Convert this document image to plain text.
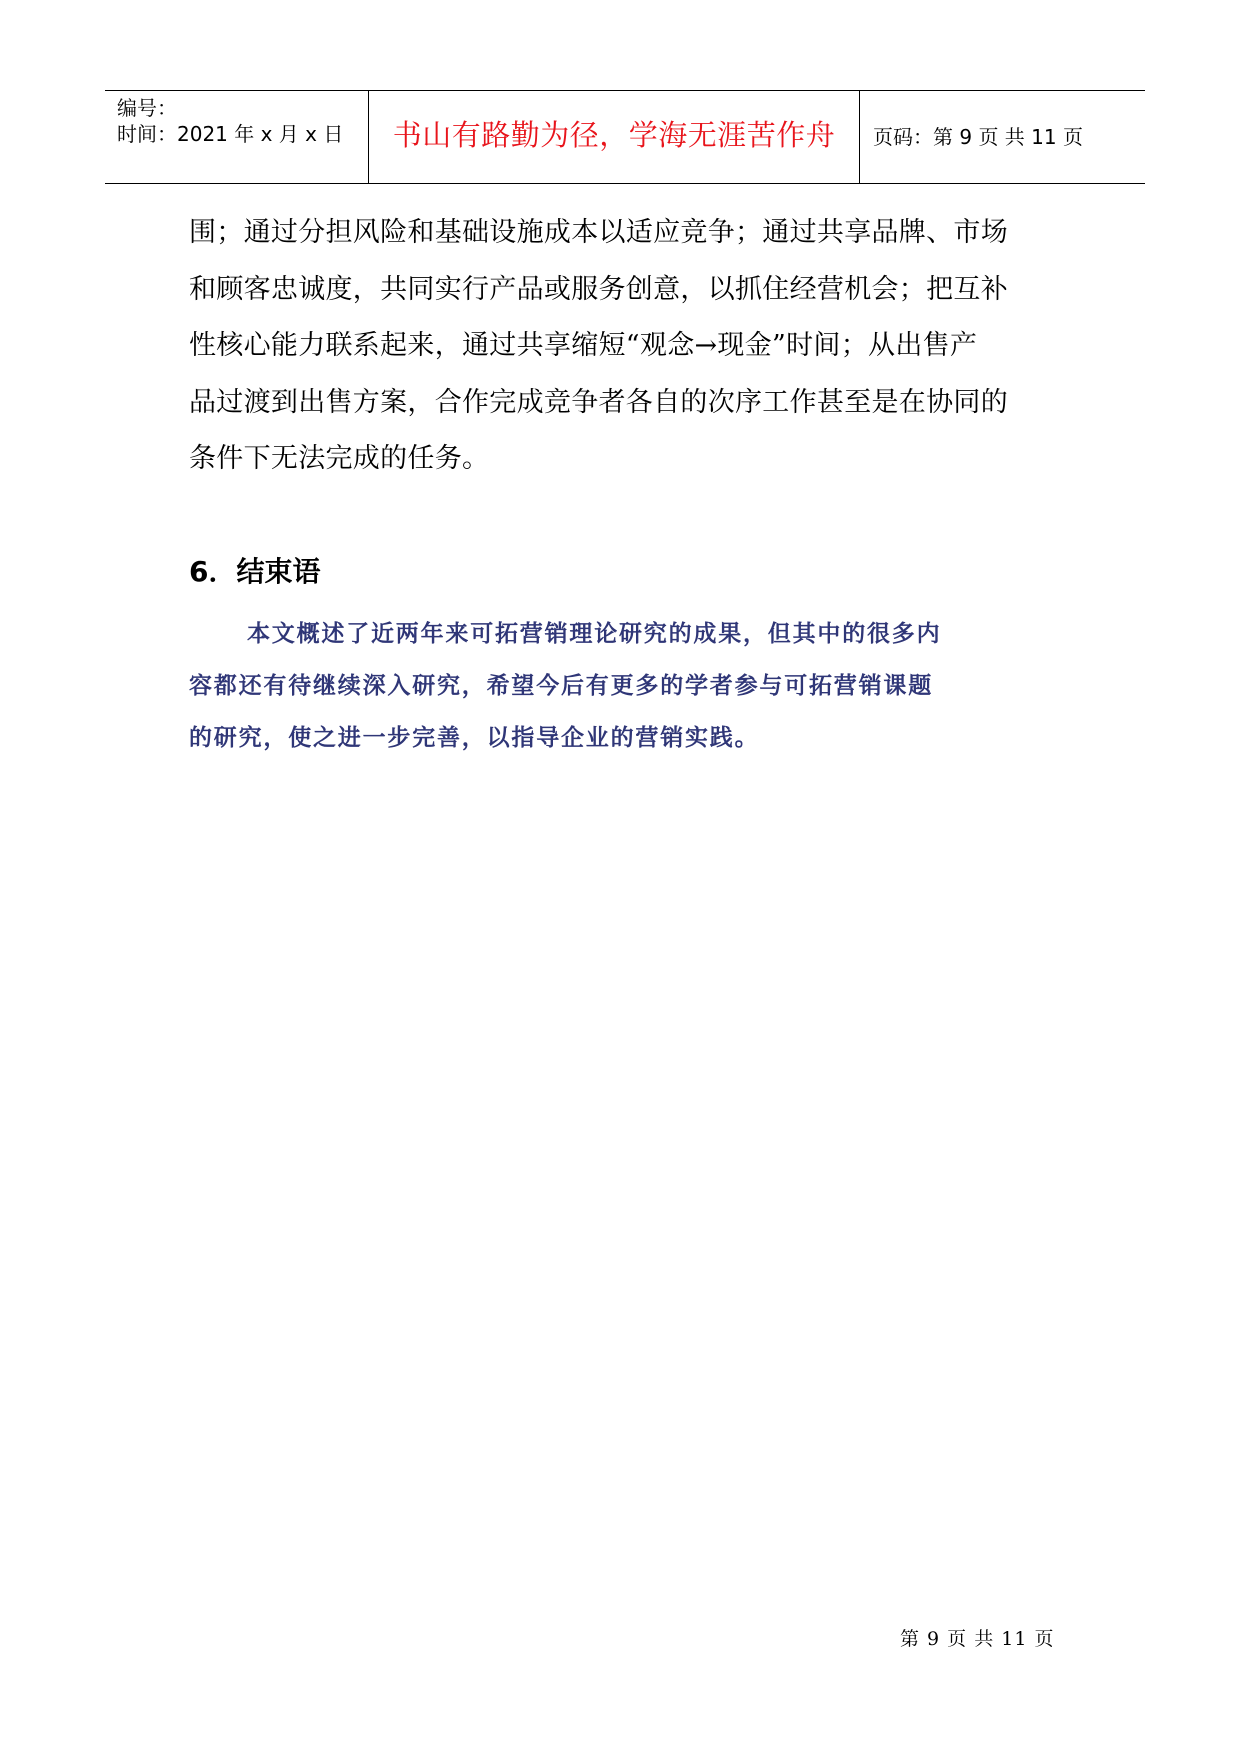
编号：
时间：2021 年 x 月 x 日	书山有路勤为径，学海无涯苦作舟	页码：第 9 页 共 11 页

围；通过分担风险和基础设施成本以适应竞争；通过共享品牌、市场

和顾客忠诚度，共同实行产品或服务创意，以抓住经营机会；把互补

性核心能力联系起来，通过共享缩短“观念→现金”时间；从出售产

品过渡到出售方案，合作完成竞争者各自的次序工作甚至是在协同的

条件下无法完成的任务。

6．结束语

本文概述了近两年来可拓营销理论研究的成果，但其中的很多内

容都还有待继续深入研究，希望今后有更多的学者参与可拓营销课题

的研究，使之进一步完善，以指导企业的营销实践。

第 9 页 共 11 页
